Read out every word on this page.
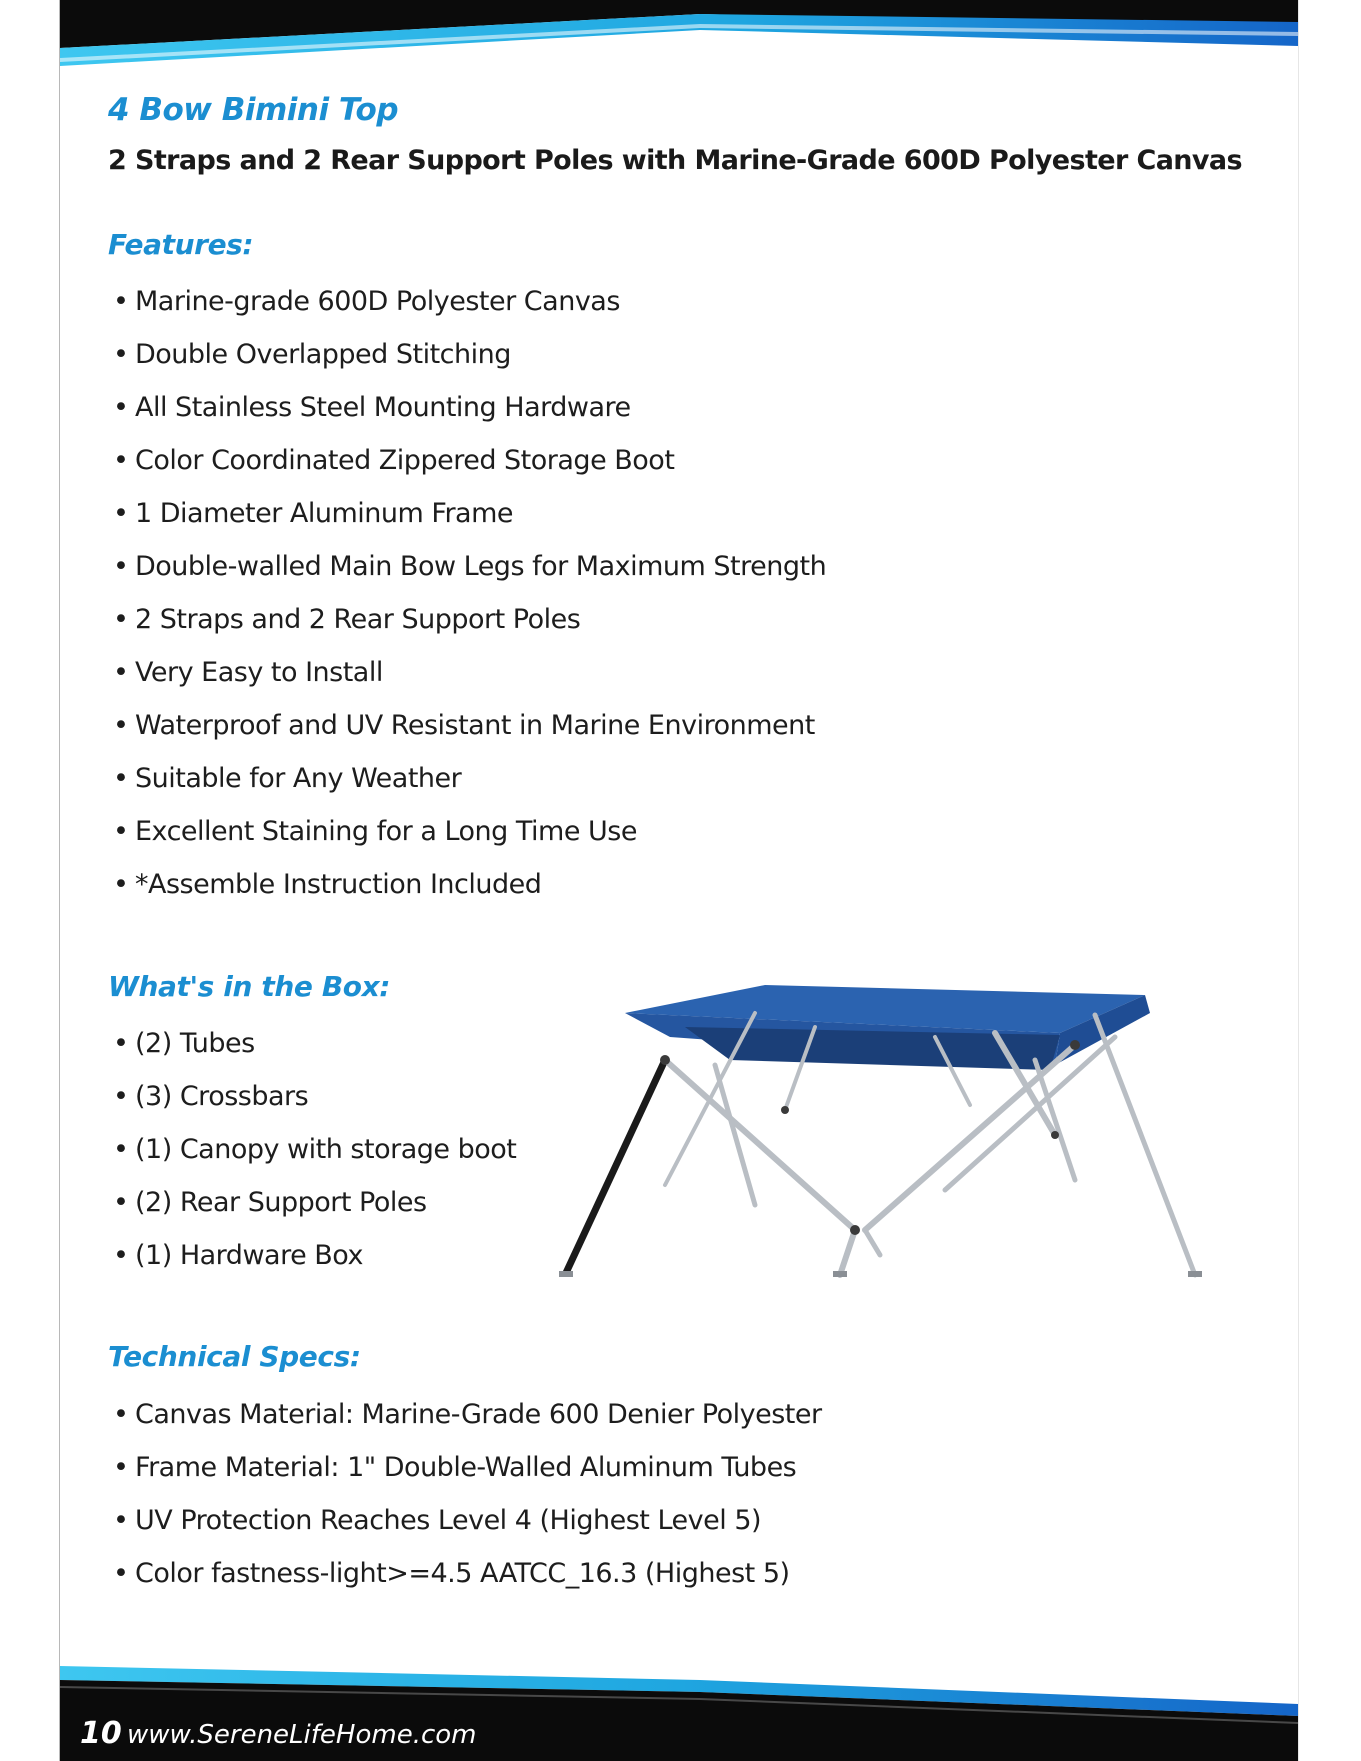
4 Bow Bimini Top
2 Straps and 2 Rear Support Poles with Marine-Grade 600D Polyester Canvas
Features:
• Marine-grade 600D Polyester Canvas
• Double Overlapped Stitching
• All Stainless Steel Mounting Hardware
• Color Coordinated Zippered Storage Boot
• 1 Diameter Aluminum Frame
• Double-walled Main Bow Legs for Maximum Strength
• 2 Straps and 2 Rear Support Poles
• Very Easy to Install
• Waterproof and UV Resistant in Marine Environment
• Suitable for Any Weather
• Excellent Staining for a Long Time Use
• *Assemble Instruction Included
What's in the Box:
• (2) Tubes
• (3) Crossbars
• (1) Canopy with storage boot
• (2) Rear Support Poles
• (1) Hardware Box
Technical Specs:
• Canvas Material: Marine-Grade 600 Denier Polyester
• Frame Material: 1" Double-Walled Aluminum Tubes
• UV Protection Reaches Level 4 (Highest Level 5)
• Color fastness-light>=4.5 AATCC_16.3 (Highest 5)
10 www.SereneLifeHome.com
